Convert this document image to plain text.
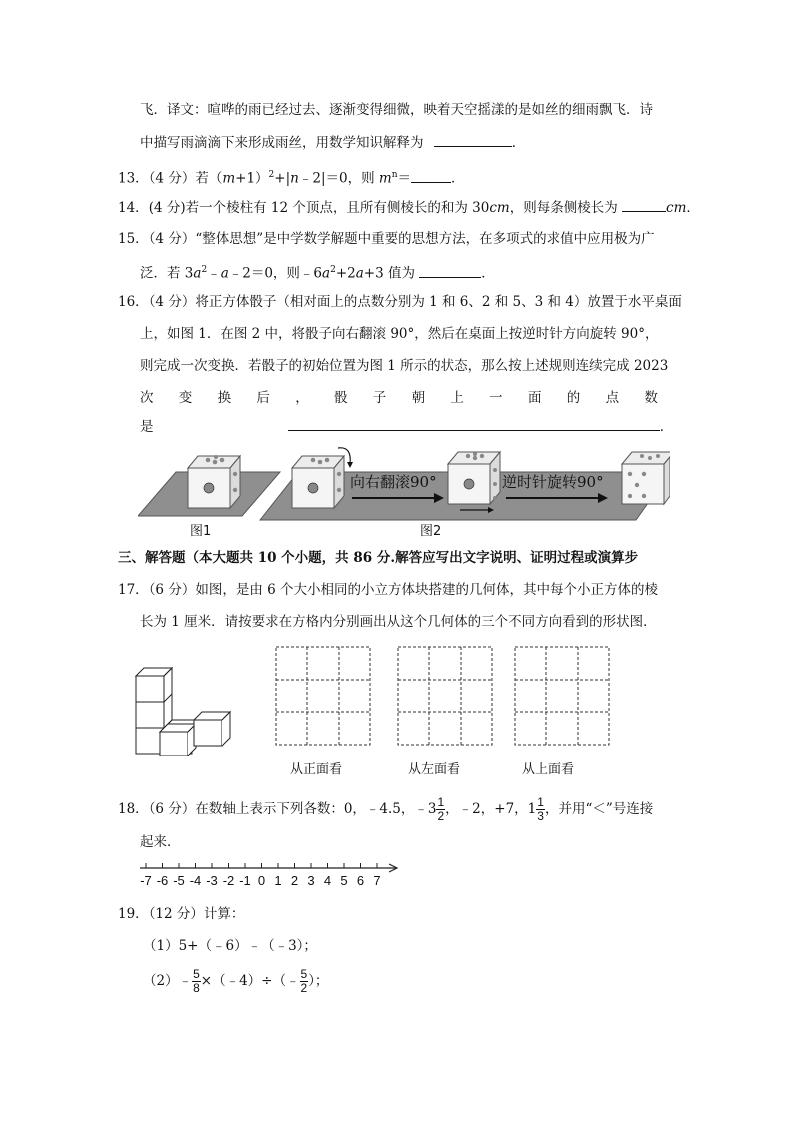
飞．译文：喧哗的雨已经过去、逐渐变得细微，映着天空摇漾的是如丝的细雨飘飞．诗
中描写雨滴滴下来形成雨丝，用数学知识解释为	．
13．（4 分）若$(m+1)^2+|n﹣2|=0$，则 $m^n=$	．
14．(4 分)若一个棱柱有 12 个顶点，且所有侧棱长的和为 30cm，则每条侧棱长为	cm．
15．（4 分）“整体思想”是中学数学解题中重要的思想方法，在多项式的求值中应用极为广
泛．若 $3a^2﹣a﹣2=0$，则$﹣6a^2+2a+3$ 值为	．
16．（4 分）将正方体骰子（相对面上的点数分别为 1 和 6、2 和 5、3 和 4）放置于水平桌面
上，如图 1．在图 2 中，将骰子向右翻滚 90°，然后在桌面上按逆时针方向旋转 90°，
则完成一次变换．若骰子的初始位置为图 1 所示的状态，那么按上述规则连续完成 2023
次 变 换 后 ， 骰 子 朝 上 一 面 的 点 数
是	．
向右翻滚90°	逆时针旋转90°
图1	图2
三、解答题（本大题共 10 个小题，共 86 分.解答应写出文字说明、证明过程或演算步
17．（6 分）如图，是由 6 个大小相同的小立方体块搭建的几何体，其中每个小正方体的棱
长为 1 厘米．请按要求在方格内分别画出从这个几何体的三个不同方向看到的形状图．
从正面看	从左面看	从上面看
18．（6 分）在数轴上表示下列各数：0，﹣4.5，﹣3 $\frac{1}{2}$ ，﹣2，+7，$1 \frac{1}{3}$ ，并用“＜”号连接
起来．
-7 -6 -5 -4 -3 -2 -1 0 1 2 3 4 5 6 7
19．（12 分）计算：
（1）5+（﹣6）﹣（﹣3）；
（2）﹣ $\frac{5}{8}$ ×（﹣4）÷（﹣ $\frac{5}{2}$ ）；
